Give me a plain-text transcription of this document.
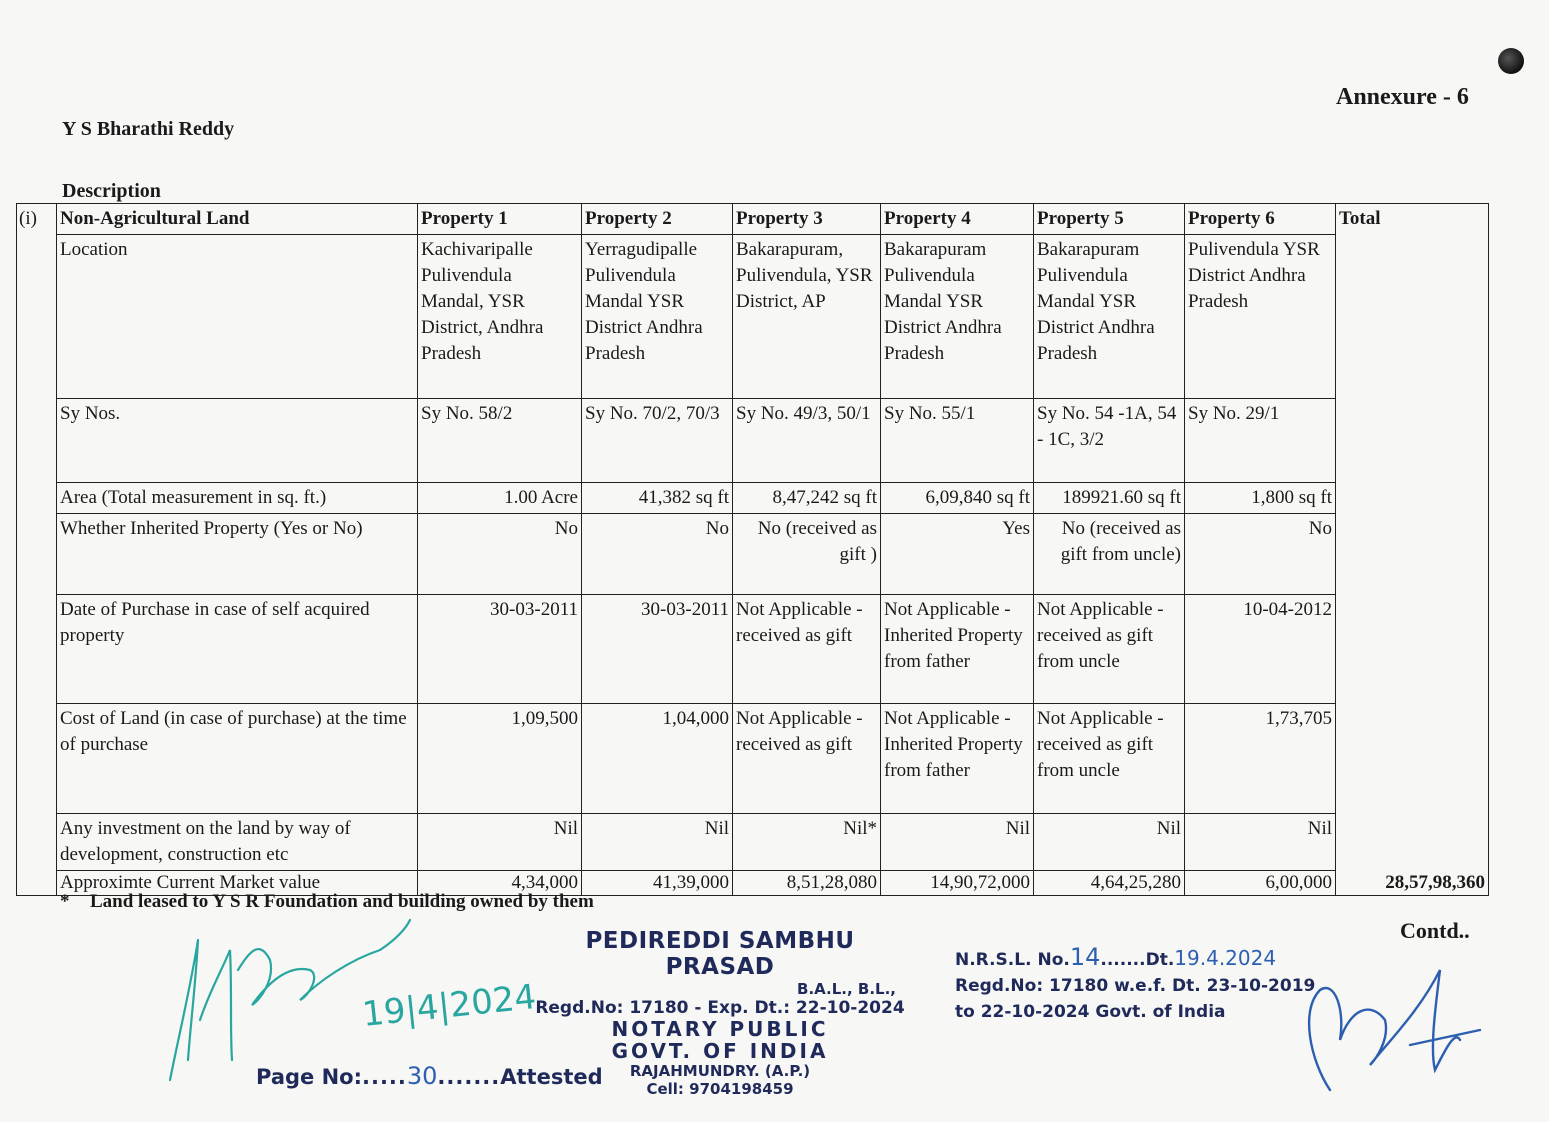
Annexure - 6
Y S Bharathi Reddy
Description
(i)	Non-Agricultural Land	Property 1	Property 2	Property 3	Property 4	Property 5	Property 6	Total
	Location	Kachivaripalle Pulivendula Mandal, YSR District, Andhra Pradesh	Yerragudipalle Pulivendula Mandal YSR District Andhra Pradesh	Bakarapuram, Pulivendula, YSR District, AP	Bakarapuram Pulivendula Mandal YSR District Andhra Pradesh	Bakarapuram Pulivendula Mandal YSR District Andhra Pradesh	Pulivendula YSR District Andhra Pradesh	
	Sy Nos.	Sy No. 58/2	Sy No. 70/2, 70/3	Sy No. 49/3, 50/1	Sy No. 55/1	Sy No. 54 -1A, 54 - 1C, 3/2	Sy No. 29/1	
	Area (Total measurement in sq. ft.)	1.00 Acre	41,382 sq ft	8,47,242 sq ft	6,09,840 sq ft	189921.60 sq ft	1,800 sq ft	
	Whether Inherited Property (Yes or No)	No	No	No (received as gift )	Yes	No (received as gift from uncle)	No	
	Date of Purchase in case of self acquired property	30-03-2011	30-03-2011	Not Applicable - received as gift	Not Applicable - Inherited Property from father	Not Applicable - received as gift from uncle	10-04-2012	
	Cost of Land (in case of purchase) at the time of purchase	1,09,500	1,04,000	Not Applicable - received as gift	Not Applicable - Inherited Property from father	Not Applicable - received as gift from uncle	1,73,705	
	Any investment on the land by way of development, construction etc	Nil	Nil	Nil*	Nil	Nil	Nil	
	Approximte Current Market value	4,34,000	41,39,000	8,51,28,080	14,90,72,000	4,64,25,280	6,00,000	28,57,98,360
* Land leased to Y S R Foundation and building owned by them
Contd..
19|4|2024
Page No:.....30.......Attested
PEDIREDDI SAMBHU PRASAD
B.A.L., B.L.,
Regd.No: 17180 - Exp. Dt.: 22-10-2024
NOTARY PUBLIC
GOVT. OF INDIA
RAJAHMUNDRY. (A.P.)
Cell: 9704198459
N.R.S.L. No.14.......Dt.19.4.2024
Regd.No: 17180 w.e.f. Dt. 23-10-2019
to 22-10-2024 Govt. of India
